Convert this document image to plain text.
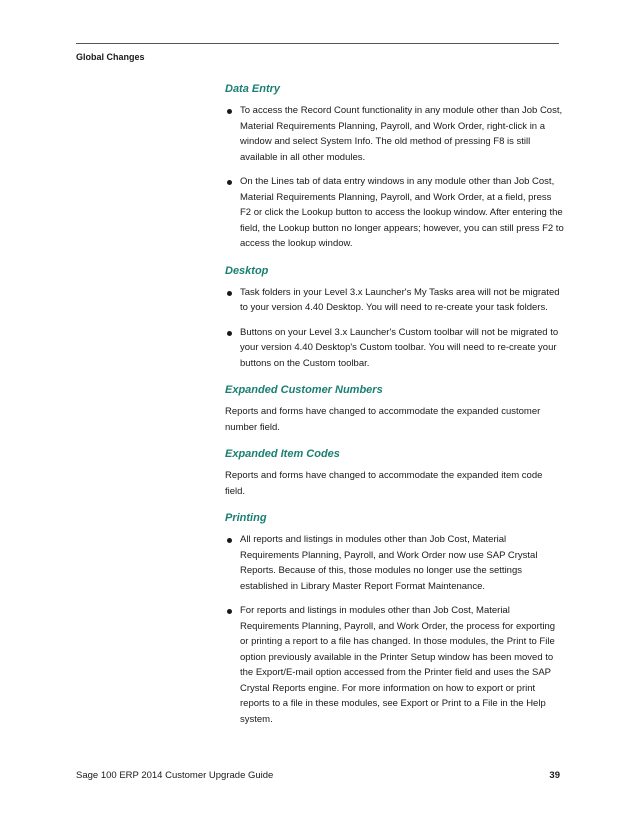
Global Changes
Data Entry
To access the Record Count functionality in any module other than Job Cost, Material Requirements Planning, Payroll, and Work Order, right-click in a window and select System Info. The old method of pressing F8 is still available in all other modules.
On the Lines tab of data entry windows in any module other than Job Cost, Material Requirements Planning, Payroll, and Work Order, at a field, press F2 or click the Lookup button to access the lookup window. After entering the field, the Lookup button no longer appears; however, you can still press F2 to access the lookup window.
Desktop
Task folders in your Level 3.x Launcher's My Tasks area will not be migrated to your version 4.40 Desktop. You will need to re-create your task folders.
Buttons on your Level 3.x Launcher's Custom toolbar will not be migrated to your version 4.40 Desktop's Custom toolbar. You will need to re-create your buttons on the Custom toolbar.
Expanded Customer Numbers

Reports and forms have changed to accommodate the expanded customer number field.

Expanded Item Codes

Reports and forms have changed to accommodate the expanded item code field.

Printing
All reports and listings in modules other than Job Cost, Material Requirements Planning, Payroll, and Work Order now use SAP Crystal Reports. Because of this, those modules no longer use the settings established in Library Master Report Format Maintenance.
For reports and listings in modules other than Job Cost, Material Requirements Planning, Payroll, and Work Order, the process for exporting or printing a report to a file has changed. In those modules, the Print to File option previously available in the Printer Setup window has been moved to the Export/E-mail option accessed from the Printer field and uses the SAP Crystal Reports engine. For more information on how to export or print reports to a file in these modules, see Export or Print to a File in the Help system.
Sage 100 ERP 2014 Customer Upgrade Guide	39
